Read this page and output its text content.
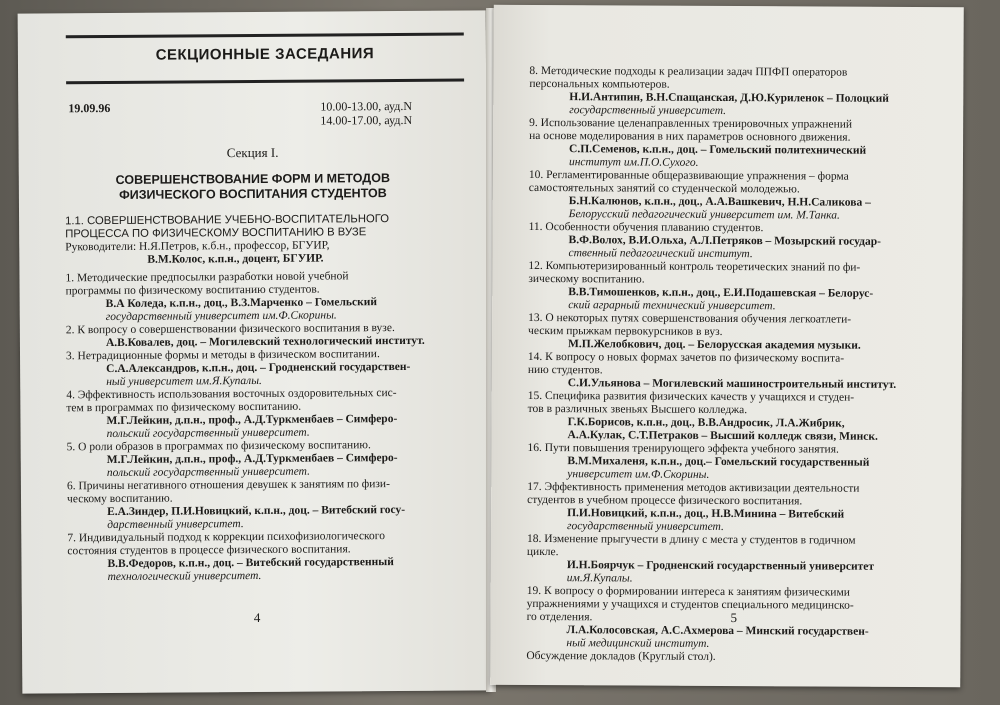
СЕКЦИОННЫЕ ЗАСЕДАНИЯ
19.09.96	10.00-13.00, ауд.N
14.00-17.00, ауд.N
Секция I.
СОВЕРШЕНСТВОВАНИЕ ФОРМ И МЕТОДОВ
ФИЗИЧЕСКОГО ВОСПИТАНИЯ СТУДЕНТОВ
1.1. СОВЕРШЕНСТВОВАНИЕ УЧЕБНО-ВОСПИТАТЕЛЬНОГО
ПРОЦЕССА ПО ФИЗИЧЕСКОМУ ВОСПИТАНИЮ В ВУЗЕ
Руководители: Н.Я.Петров, к.б.н., профессор, БГУИР,
В.М.Колос, к.п.н., доцент, БГУИР.
1. Методические предпосылки разработки новой учебной
программы по физическому воспитанию студентов.
В.А Коледа, к.п.н., доц., В.З.Марченко – Гомельский
государственный университет им.Ф.Скорины.
2. К вопросу о совершенствовании физического воспитания в вузе.
А.В.Ковалев, доц. – Могилевский технологический институт.
3. Нетрадиционные формы и методы в физическом воспитании.
С.А.Александров, к.п.н., доц. – Гродненский государствен-
ный университет им.Я.Купалы.
4. Эффективность использования восточных оздоровительных сис-
тем в программах по физическому воспитанию.
М.Г.Лейкин, д.п.н., проф., А.Д.Туркменбаев – Симферо-
польский государственный университет.
5. О роли образов в программах по физическому воспитанию.
М.Г.Лейкин, д.п.н., проф., А.Д.Туркменбаев – Симферо-
польский государственный университет.
6. Причины негативного отношения девушек к занятиям по физи-
ческому воспитанию.
Е.А.Зиндер, П.И.Новицкий, к.п.н., доц. – Витебский госу-
дарственный университет.
7. Индивидуальный подход к коррекции психофизиологического
состояния студентов в процессе физического воспитания.
В.В.Федоров, к.п.н., доц. – Витебский государственный
технологический университет.
4
8. Методические подходы к реализации задач ППФП операторов
персональных компьютеров.
Н.И.Антипин, В.Н.Спащанская, Д.Ю.Куриленок – Полоцкий
государственный университет.
9. Использование целенаправленных тренировочных упражнений
на основе моделирования в них параметров основного движения.
С.П.Семенов, к.п.н., доц. – Гомельский политехнический
институт им.П.О.Сухого.
10. Регламентированные общеразвивающие упражнения – форма
самостоятельных занятий со студенческой молодежью.
Б.Н.Калюнов, к.п.н., доц., А.А.Вашкевич, Н.Н.Саликова –
Белорусский педагогический университет им. М.Танка.
11. Особенности обучения плаванию студентов.
В.Ф.Волох, В.И.Ольха, А.Л.Петряков – Мозырский государ-
ственный педагогический институт.
12. Компьютеризированный контроль теоретических знаний по фи-
зическому воспитанию.
В.В.Тимошенков, к.п.н., доц., Е.И.Подашевская – Белорус-
ский аграрный технический университет.
13. О некоторых путях совершенствования обучения легкоатлети-
ческим прыжкам первокурсников в вуз.
М.П.Желобкович, доц. – Белорусская академия музыки.
14. К вопросу о новых формах зачетов по физическому воспита-
нию студентов.
С.И.Ульянова – Могилевский машиностроительный институт.
15. Специфика развития физических качеств у учащихся и студен-
тов в различных звеньях Высшего колледжа.
Г.К.Борисов, к.п.н., доц., В.В.Андросик, Л.А.Жибрик,
А.А.Кулак, С.Т.Петраков – Высший колледж связи, Минск.
16. Пути повышения тренирующего эффекта учебного занятия.
В.М.Михаленя, к.п.н., доц.– Гомельский государственный
университет им.Ф.Скорины.
17. Эффективность применения методов активизации деятельности
студентов в учебном процессе физического воспитания.
П.И.Новицкий, к.п.н., доц., Н.В.Минина – Витебский
государственный университет.
18. Изменение прыгучести в длину с места у студентов в годичном
цикле.
И.Н.Боярчук – Гродненский государственный университет
им.Я.Купалы.
19. К вопросу о формировании интереса к занятиям физическими
упражнениями у учащихся и студентов специального медицинско-
го отделения.
Л.А.Колосовская, А.С.Ахмерова – Минский государствен-
ный медицинский институт.
Обсуждение докладов (Круглый стол).
5
